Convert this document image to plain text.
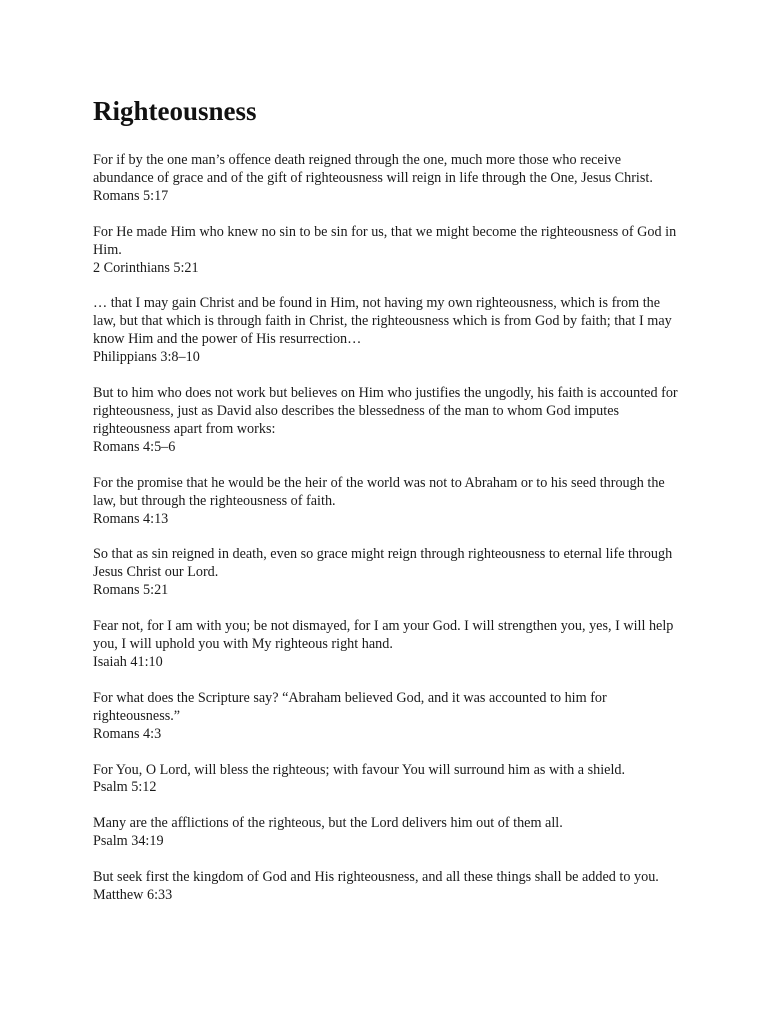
Righteousness
For if by the one man’s offence death reigned through the one, much more those who receive abundance of grace and of the gift of righteousness will reign in life through the One, Jesus Christ.
Romans 5:17
For He made Him who knew no sin to be sin for us, that we might become the righteousness of God in Him.
2 Corinthians 5:21
… that I may gain Christ and be found in Him, not having my own righteousness, which is from the law, but that which is through faith in Christ, the righteousness which is from God by faith; that I may know Him and the power of His resurrection…
Philippians 3:8–10
But to him who does not work but believes on Him who justifies the ungodly, his faith is accounted for righteousness, just as David also describes the blessedness of the man to whom God imputes righteousness apart from works:
Romans 4:5–6
For the promise that he would be the heir of the world was not to Abraham or to his seed through the law, but through the righteousness of faith.
Romans 4:13
So that as sin reigned in death, even so grace might reign through righteousness to eternal life through Jesus Christ our Lord.
Romans 5:21
Fear not, for I am with you; be not dismayed, for I am your God. I will strengthen you, yes, I will help you, I will uphold you with My righteous right hand.
Isaiah 41:10
For what does the Scripture say? “Abraham believed God, and it was accounted to him for righteousness.”
Romans 4:3
For You, O Lord, will bless the righteous; with favour You will surround him as with a shield.
Psalm 5:12
Many are the afflictions of the righteous, but the Lord delivers him out of them all.
Psalm 34:19
But seek first the kingdom of God and His righteousness, and all these things shall be added to you.
Matthew 6:33
